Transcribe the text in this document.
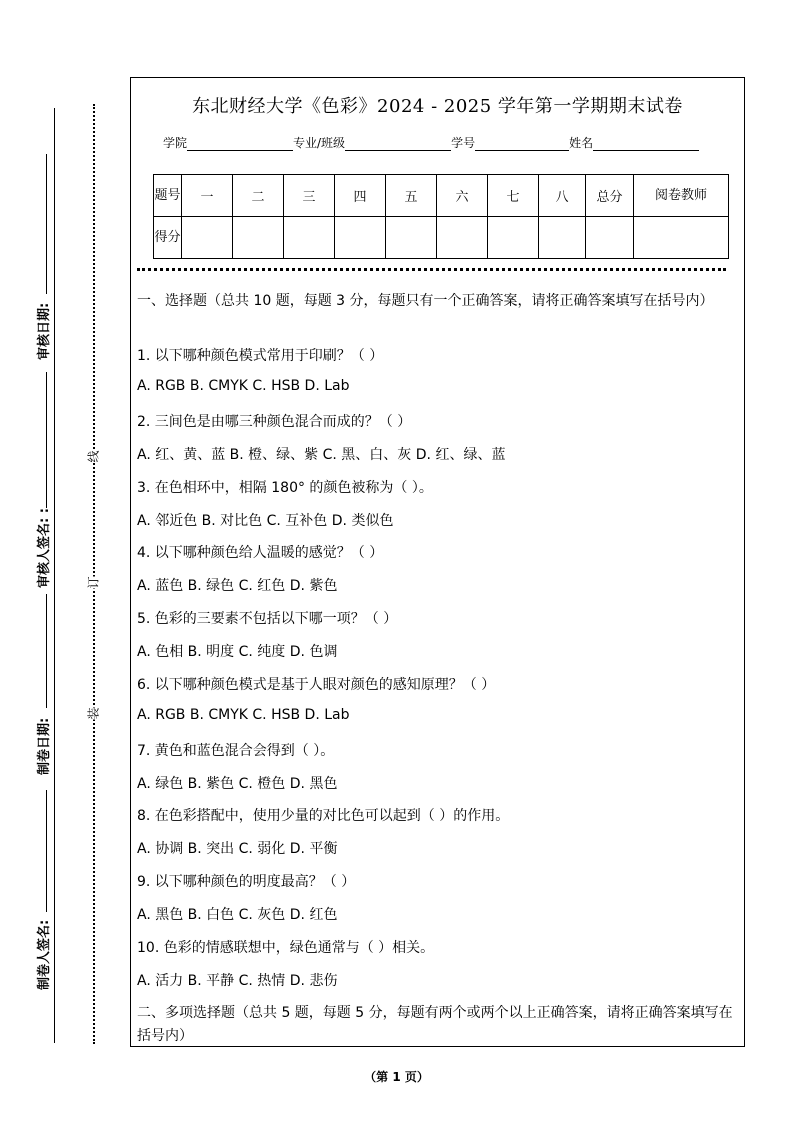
审核日期:
审核人签名: :
制卷日期:
制卷人签名:
线
订
装
东北财经大学《色彩》2024 - 2025 学年第一学期期末试卷
学院	专业/班级	学号	姓名
题号	一	二	三	四	五	六	七	八	总分	阅卷教师
得分										
一、选择题（总共 10 题，每题 3 分，每题只有一个正确答案，请将正确答案填写在括号内）
1. 以下哪种颜色模式常用于印刷？（ ）
A. RGB B. CMYK C. HSB D. Lab
2. 三间色是由哪三种颜色混合而成的？（ ）
A. 红、黄、蓝 B. 橙、绿、紫 C. 黑、白、灰 D. 红、绿、蓝
3. 在色相环中，相隔 180° 的颜色被称为（ ）。
A. 邻近色 B. 对比色 C. 互补色 D. 类似色
4. 以下哪种颜色给人温暖的感觉？（ ）
A. 蓝色 B. 绿色 C. 红色 D. 紫色
5. 色彩的三要素不包括以下哪一项？（ ）
A. 色相 B. 明度 C. 纯度 D. 色调
6. 以下哪种颜色模式是基于人眼对颜色的感知原理？（ ）
A. RGB B. CMYK C. HSB D. Lab
7. 黄色和蓝色混合会得到（ ）。
A. 绿色 B. 紫色 C. 橙色 D. 黑色
8. 在色彩搭配中，使用少量的对比色可以起到（ ）的作用。
A. 协调 B. 突出 C. 弱化 D. 平衡
9. 以下哪种颜色的明度最高？（ ）
A. 黑色 B. 白色 C. 灰色 D. 红色
10. 色彩的情感联想中，绿色通常与（ ）相关。
A. 活力 B. 平静 C. 热情 D. 悲伤
二、多项选择题（总共 5 题，每题 5 分，每题有两个或两个以上正确答案，请将正确答案填写在括号内）
（第 1 页）
